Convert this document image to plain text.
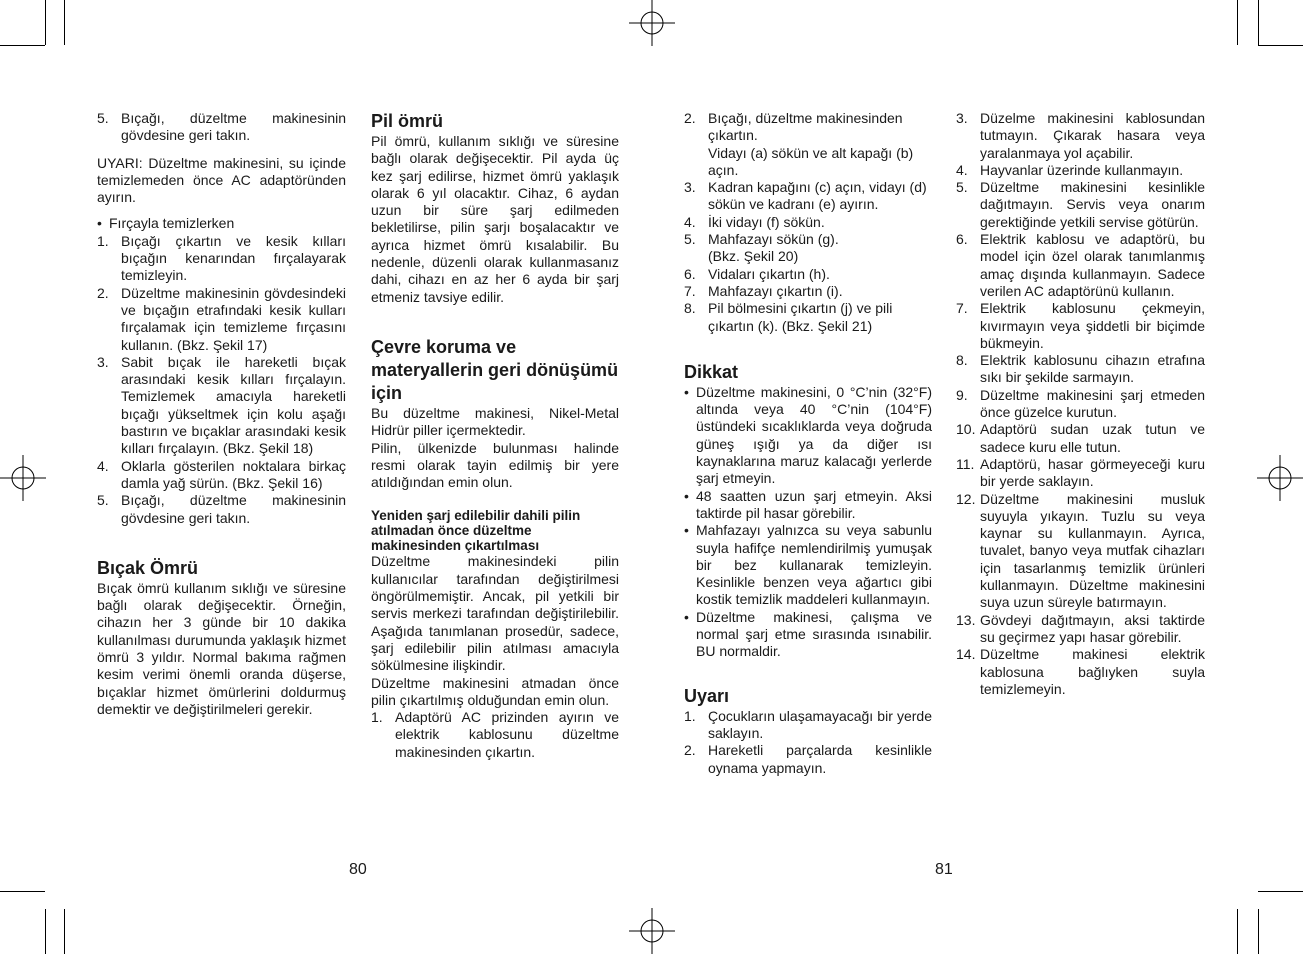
5. Bıçağı, düzeltme makinesinin gövdesine geri takın.

UYARI: Düzeltme makinesini, su içinde temizlemeden önce AC adaptöründen ayırın.

• Fırçayla temizlerken
1. Bıçağı çıkartın ve kesik kılları bıçağın kenarından fırçalayarak temizleyin.
2. Düzeltme makinesinin gövdesindeki ve bıçağın etrafındaki kesik kulları fırçalamak için temizleme fırçasını kullanın. (Bkz. Şekil 17)
3. Sabit bıçak ile hareketli bıçak arasındaki kesik kılları fırçalayın. Temizlemek amacıyla hareketli bıçağı yükseltmek için kolu aşağı bastırın ve bıçaklar arasındaki kesik kılları fırçalayın. (Bkz. Şekil 18)
4. Oklarla gösterilen noktalara birkaç damla yağ sürün. (Bkz. Şekil 16)
5. Bıçağı, düzeltme makinesinin gövdesine geri takın.

Bıçak Ömrü

Bıçak ömrü kullanım sıklığı ve süresine bağlı olarak değişecektir. Örneğin, cihazın her 3 günde bir 10 dakika kullanılması durumunda yaklaşık hizmet ömrü 3 yıldır. Normal bakıma rağmen kesim verimi önemli oranda düşerse, bıçaklar hizmet ömürlerini doldurmuş demektir ve değiştirilmeleri gerekir.

Pil ömrü

Pil ömrü, kullanım sıklığı ve süresine bağlı olarak değişecektir. Pil ayda üç kez şarj edilirse, hizmet ömrü yaklaşık olarak 6 yıl olacaktır. Cihaz, 6 aydan uzun bir süre şarj edilmeden bekletilirse, pilin şarjı boşalacaktır ve ayrıca hizmet ömrü kısalabilir. Bu nedenle, düzenli olarak kullanmasanız dahi, cihazı en az her 6 ayda bir şarj etmeniz tavsiye edilir.

Çevre koruma ve materyallerin geri dönüşümü için

Bu düzeltme makinesi, Nikel-Metal Hidrür piller içermektedir.

Pilin, ülkenizde bulunması halinde resmi olarak tayin edilmiş bir yere atıldığından emin olun.

Yeniden şarj edilebilir dahili pilin atılmadan önce düzeltme makinesinden çıkartılması

Düzeltme makinesindeki pilin kullanıcılar tarafından değiştirilmesi öngörülmemiştir. Ancak, pil yetkili bir servis merkezi tarafından değiştirilebilir. Aşağıda tanımlanan prosedür, sadece, şarj edilebilir pilin atılması amacıyla sökülmesine ilişkindir.

Düzeltme makinesini atmadan önce pilin çıkartılmış olduğundan emin olun.

1. Adaptörü AC prizinden ayırın ve elektrik kablosunu düzeltme makinesinden çıkartın.
2. Bıçağı, düzeltme makinesinden çıkartın.
Vidayı (a) sökün ve alt kapağı (b) açın.
3. Kadran kapağını (c) açın, vidayı (d) sökün ve kadranı (e) ayırın.
4. İki vidayı (f) sökün.
5. Mahfazayı sökün (g).
(Bkz. Şekil 20)
6. Vidaları çıkartın (h).
7. Mahfazayı çıkartın (i).
8. Pil bölmesini çıkartın (j) ve pili çıkartın (k). (Bkz. Şekil 21)

Dikkat

• Düzeltme makinesini, 0 °C’nin (32°F) altında veya 40 °C’nin (104°F) üstündeki sıcaklıklarda veya doğruda güneş ışığı ya da diğer ısı kaynaklarına maruz kalacağı yerlerde şarj etmeyin.
• 48 saatten uzun şarj etmeyin. Aksi taktirde pil hasar görebilir.
• Mahfazayı yalnızca su veya sabunlu suyla hafifçe nemlendirilmiş yumuşak bir bez kullanarak temizleyin. Kesinlikle benzen veya ağartıcı gibi kostik temizlik maddeleri kullanmayın.
• Düzeltme makinesi, çalışma ve normal şarj etme sırasında ısınabilir. BU normaldir.

Uyarı

1. Çocukların ulaşamayacağı bir yerde saklayın.
2. Hareketli parçalarda kesinlikle oynama yapmayın.
3. Düzelme makinesini kablosundan tutmayın. Çıkarak hasara veya yaralanmaya yol açabilir.
4. Hayvanlar üzerinde kullanmayın.
5. Düzeltme makinesini kesinlikle dağıtmayın. Servis veya onarım gerektiğinde yetkili servise götürün.
6. Elektrik kablosu ve adaptörü, bu model için özel olarak tanımlanmış amaç dışında kullanmayın. Sadece verilen AC adaptörünü kullanın.
7. Elektrik kablosunu çekmeyin, kıvırmayın veya şiddetli bir biçimde bükmeyin.
8. Elektrik kablosunu cihazın etrafına sıkı bir şekilde sarmayın.
9. Düzeltme makinesini şarj etmeden önce güzelce kurutun.
10. Adaptörü sudan uzak tutun ve sadece kuru elle tutun.
11. Adaptörü, hasar görmeyeceği kuru bir yerde saklayın.
12. Düzeltme makinesini musluk suyuyla yıkayın. Tuzlu su veya kaynar su kullanmayın. Ayrıca, tuvalet, banyo veya mutfak cihazları için tasarlanmış temizlik ürünleri kullanmayın. Düzeltme makinesini suya uzun süreyle batırmayın.
13. Gövdeyi dağıtmayın, aksi taktirde su geçirmez yapı hasar görebilir.
14. Düzeltme makinesi elektrik kablosuna bağlıyken suyla temizlemeyin.
80	81
